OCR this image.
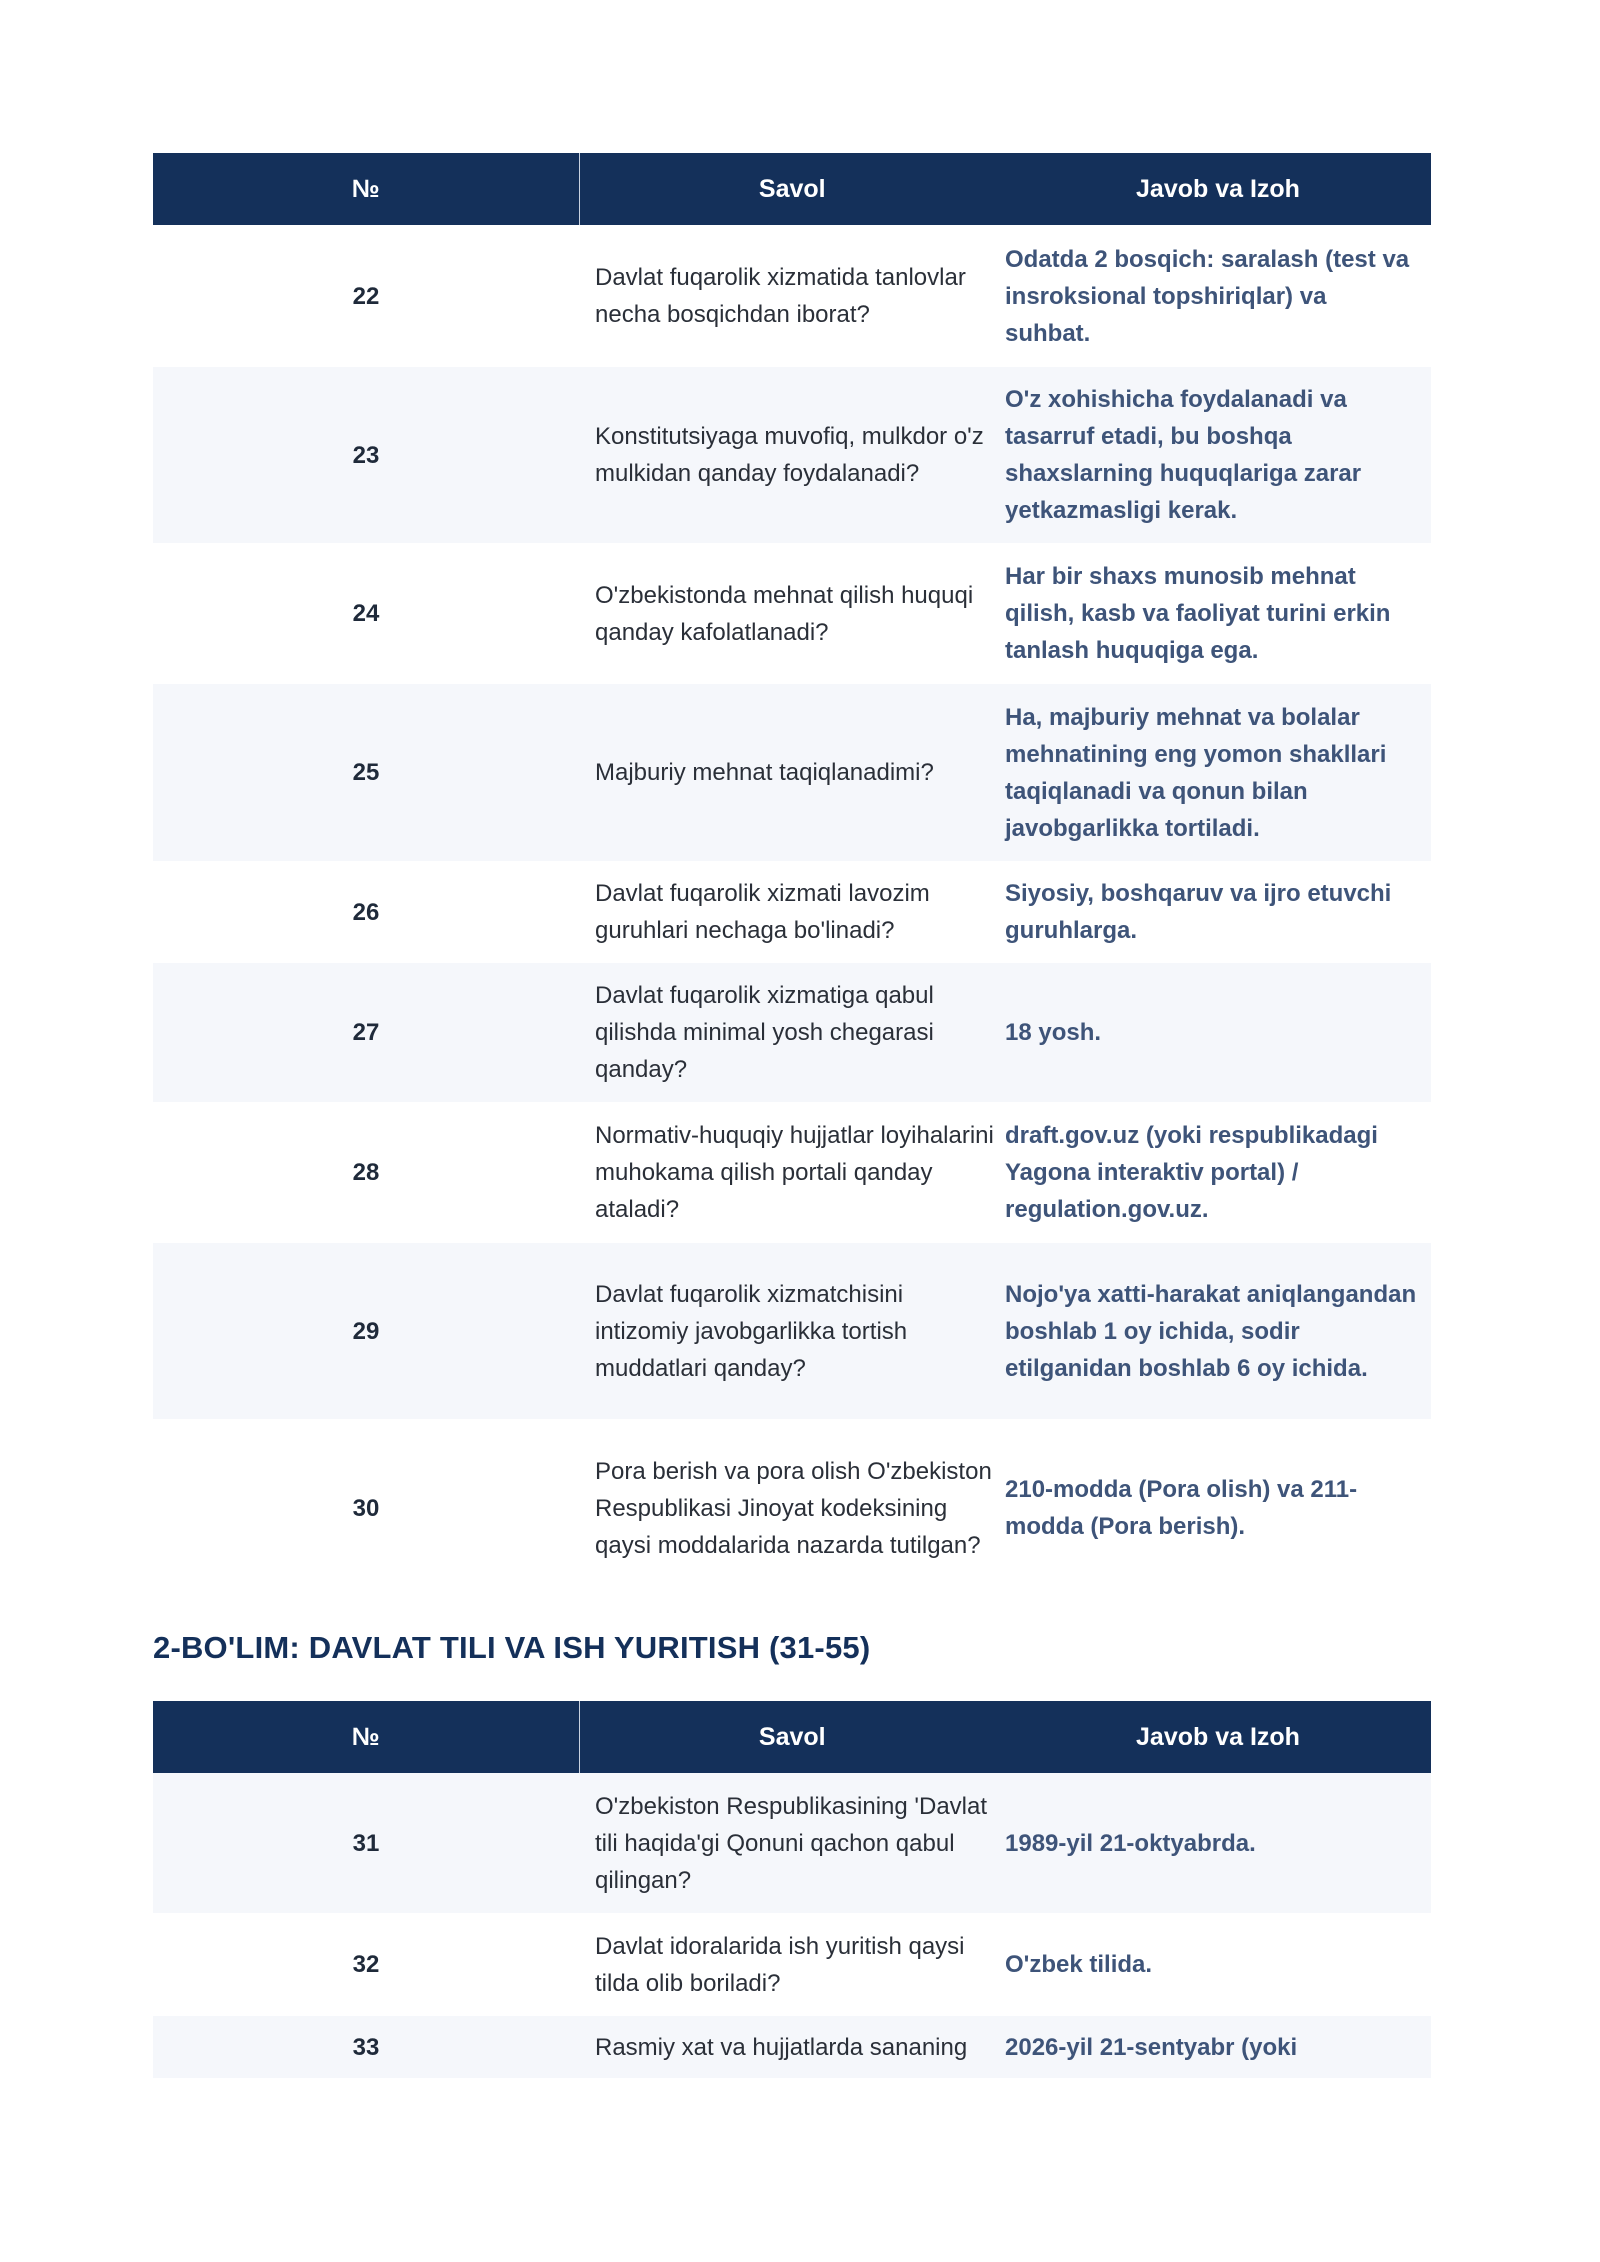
№	Savol	Javob va Izoh
22	Davlat fuqarolik xizmatida tanlovlar necha bosqichdan iborat?	Odatda 2 bosqich: saralash (test va insroksional topshiriqlar) va suhbat.
23	Konstitutsiyaga muvofiq, mulkdor o'z mulkidan qanday foydalanadi?	O'z xohishicha foydalanadi va tasarruf etadi, bu boshqa shaxslarning huquqlariga zarar yetkazmasligi kerak.
24	O'zbekistonda mehnat qilish huquqi qanday kafolatlanadi?	Har bir shaxs munosib mehnat qilish, kasb va faoliyat turini erkin tanlash huquqiga ega.
25	Majburiy mehnat taqiqlanadimi?	Ha, majburiy mehnat va bolalar mehnatining eng yomon shakllari taqiqlanadi va qonun bilan javobgarlikka tortiladi.
26	Davlat fuqarolik xizmati lavozim guruhlari nechaga bo'linadi?	Siyosiy, boshqaruv va ijro etuvchi guruhlarga.
27	Davlat fuqarolik xizmatiga qabul qilishda minimal yosh chegarasi qanday?	18 yosh.
28	Normativ-huquqiy hujjatlar loyihalarini muhokama qilish portali qanday ataladi?	draft.gov.uz (yoki respublikadagi Yagona interaktiv portal) / regulation.gov.uz.
29	Davlat fuqarolik xizmatchisini intizomiy javobgarlikka tortish muddatlari qanday?	Nojo'ya xatti-harakat aniqlangandan boshlab 1 oy ichida, sodir etilganidan boshlab 6 oy ichida.
30	Pora berish va pora olish O'zbekiston Respublikasi Jinoyat kodeksining qaysi moddalarida nazarda tutilgan?	210-modda (Pora olish) va 211-modda (Pora berish).
2-BO'LIM: DAVLAT TILI VA ISH YURITISH (31-55)
№	Savol	Javob va Izoh
31	O'zbekiston Respublikasining 'Davlat tili haqida'gi Qonuni qachon qabul qilingan?	1989-yil 21-oktyabrda.
32	Davlat idoralarida ish yuritish qaysi tilda olib boriladi?	O'zbek tilida.
33	Rasmiy xat va hujjatlarda sananing	2026-yil 21-sentyabr (yoki
